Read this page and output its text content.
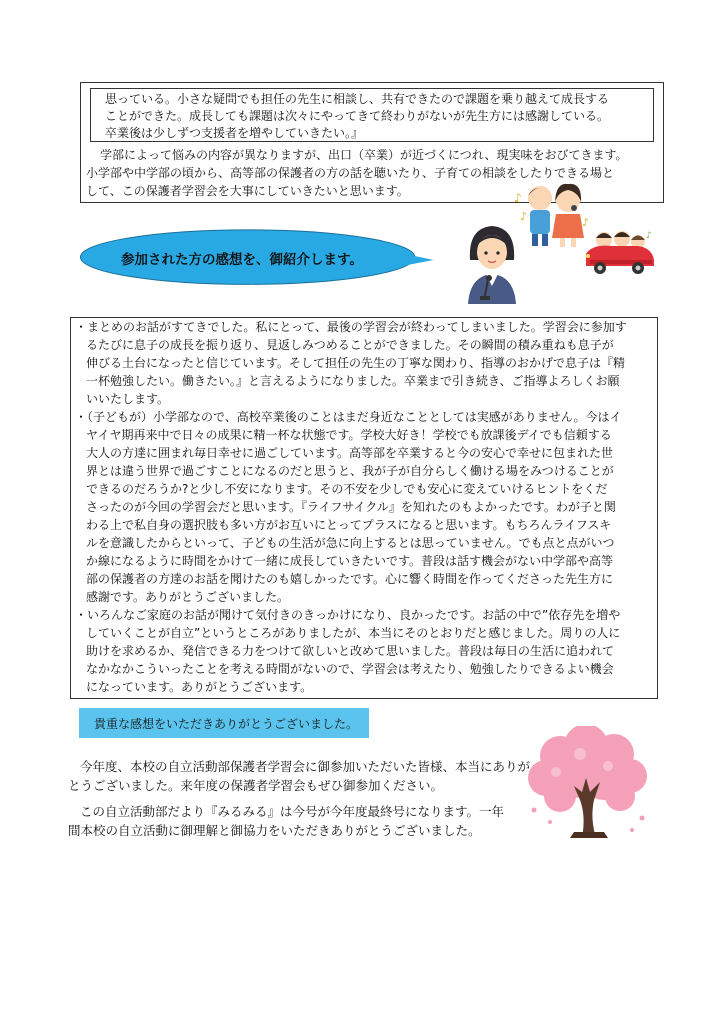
思っている。小さな疑問でも担任の先生に相談し、共有できたので課題を乗り越えて成長する
ことができた。成長しても課題は次々にやってきて終わりがないが先生方には感謝している。
卒業後は少しずつ支援者を増やしていきたい。』
学部によって悩みの内容が異なりますが、出口（卒業）が近づくにつれ、現実味をおびてきます。
小学部や中学部の頃から、高等部の保護者の方の話を聴いたり、子育ての相談をしたりできる場と
して、この保護者学習会を大事にしていきたいと思います。
参加された方の感想を、御紹介します。
♪
♪	♪
♪
・まとめのお話がすてきでした。私にとって、最後の学習会が終わってしまいました。学習会に参加す
るたびに息子の成長を振り返り、見返しみつめることができました。その瞬間の積み重ねも息子が
伸びる土台になったと信じています。そして担任の先生の丁寧な関わり、指導のおかげで息子は『精
一杯勉強したい。働きたい。』と言えるようになりました。卒業まで引き続き、ご指導よろしくお願
いいたします。
・（子どもが）小学部なので、高校卒業後のことはまだ身近なこととしては実感がありません。今はイ
ヤイヤ期再来中で日々の成果に精一杯な状態です。学校大好き！学校でも放課後デイでも信頼する
大人の方達に囲まれ毎日幸せに過ごしています。高等部を卒業すると今の安心で幸せに包まれた世
界とは違う世界で過ごすことになるのだと思うと、我が子が自分らしく働ける場をみつけることが
できるのだろうか?と少し不安になります。その不安を少しでも安心に変えていけるヒントをくだ
さったのが今回の学習会だと思います。『ライフサイクル』を知れたのもよかったです。わが子と関
わる上で私自身の選択肢も多い方がお互いにとってプラスになると思います。もちろんライフスキ
ルを意識したからといって、子どもの生活が急に向上するとは思っていません。でも点と点がいつ
か線になるように時間をかけて一緒に成長していきたいです。普段は話す機会がない中学部や高等
部の保護者の方達のお話を聞けたのも嬉しかったです。心に響く時間を作ってくださった先生方に
感謝です。ありがとうございました。
・いろんなご家庭のお話が聞けて気付きのきっかけになり、良かったです。お話の中で”依存先を増や
していくことが自立”というところがありましたが、本当にそのとおりだと感じました。周りの人に
助けを求めるか、発信できる力をつけて欲しいと改めて思いました。普段は毎日の生活に追われて
なかなかこういったことを考える時間がないので、学習会は考えたり、勉強したりできるよい機会
になっています。ありがとうございます。
貴重な感想をいただきありがとうございました。
今年度、本校の自立活動部保護者学習会に御参加いただいた皆様、本当にありが
とうございました。来年度の保護者学習会もぜひ御参加ください。
この自立活動部だより『みるみる』は今号が今年度最終号になります。一年
間本校の自立活動に御理解と御協力をいただきありがとうございました。
